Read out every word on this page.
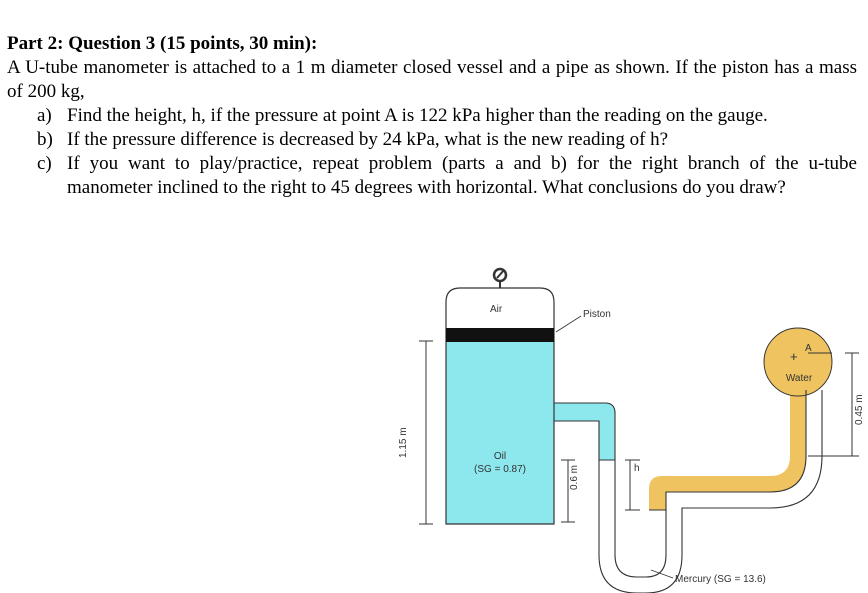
Part 2: Question 3 (15 points, 30 min):

A U-tube manometer is attached to a 1 m diameter closed vessel and a pipe as shown. If the piston has a mass of 200 kg,

a) Find the height, h, if the pressure at point A is 122 kPa higher than the reading on the gauge.
b) If the pressure difference is decreased by 24 kPa, what is the new reading of h?
c) If you want to play/practice, repeat problem (parts a and b) for the right branch of the u-tube manometer inclined to the right to 45 degrees with horizontal. What conclusions do you draw?
h
0.6 m
1.15 m
0.45 m
Air	Piston
Oil
(SG = 0.87)
+
A
Water
Mercury (SG = 13.6)
